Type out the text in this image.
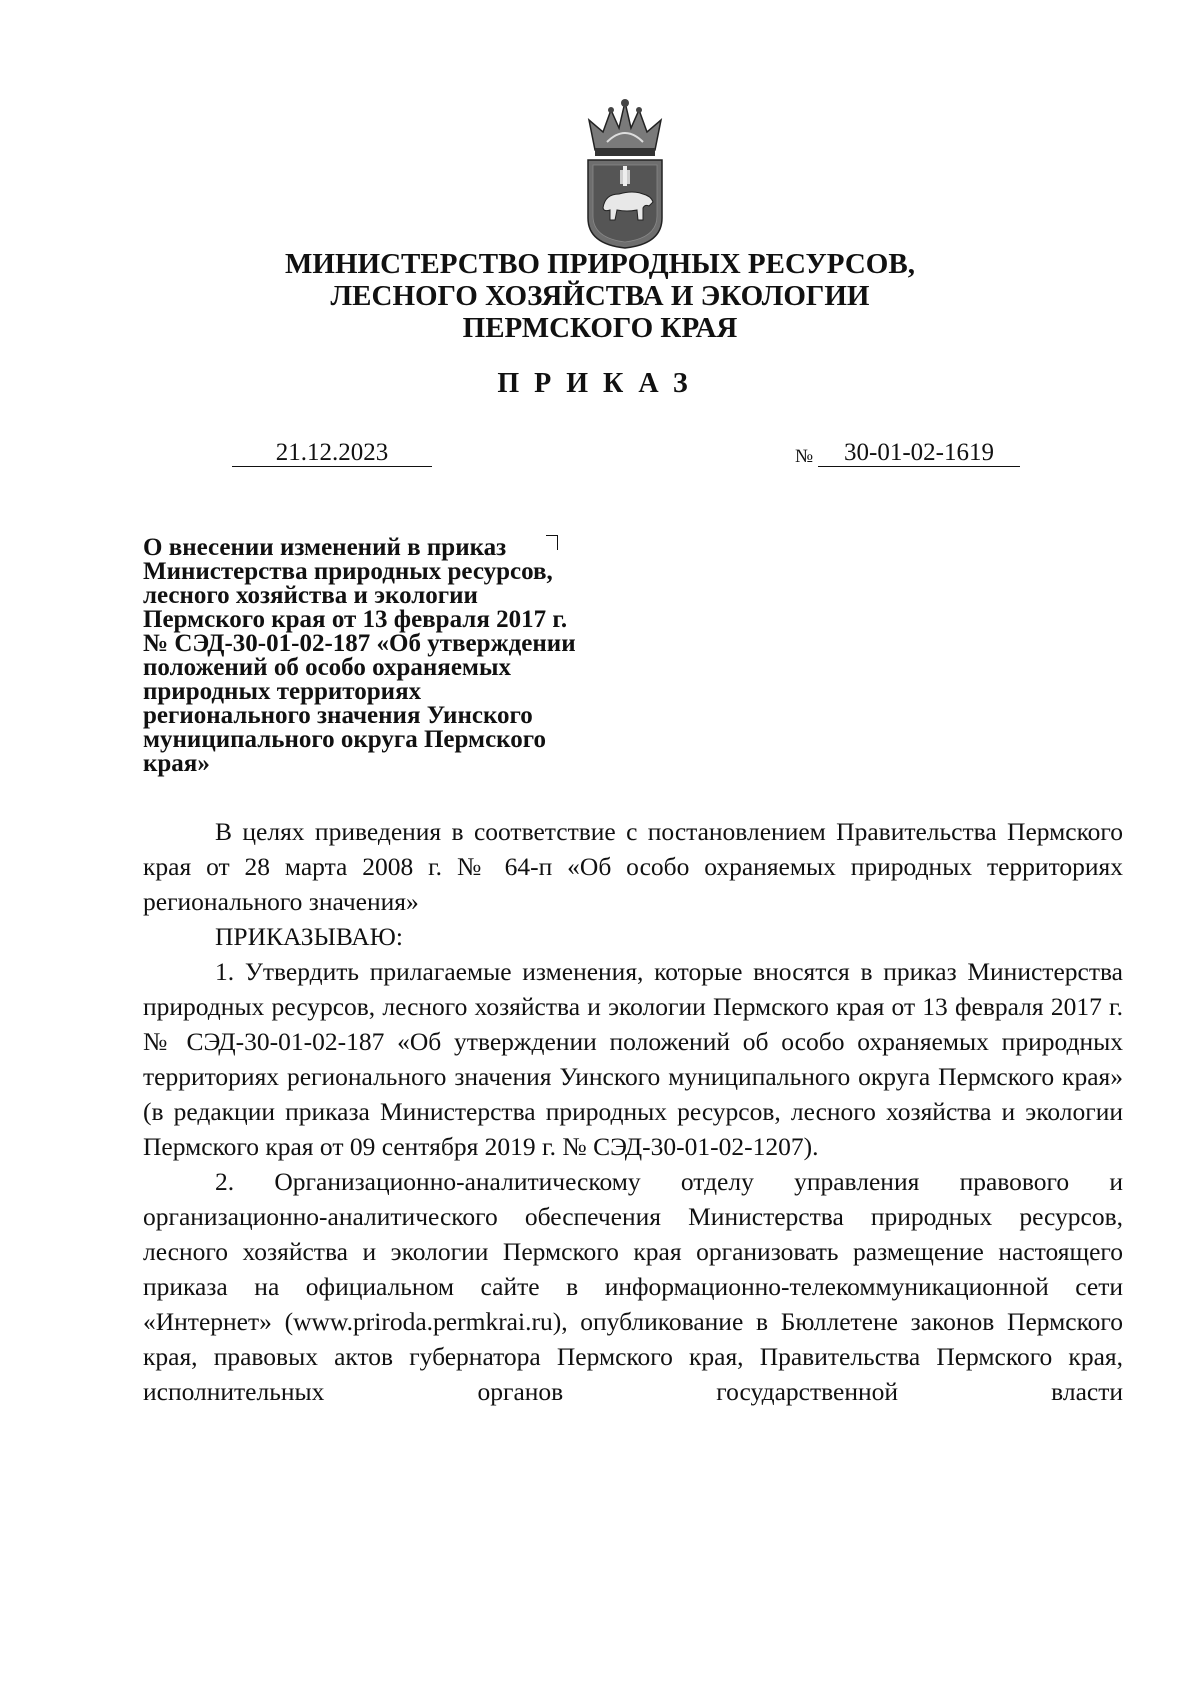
МИНИСТЕРСТВО ПРИРОДНЫХ РЕСУРСОВ,
ЛЕСНОГО ХОЗЯЙСТВА И ЭКОЛОГИИ
ПЕРМСКОГО КРАЯ
ПРИКАЗ
21.12.2023	№	30-01-02-1619
О внесении изменений в приказ
Министерства природных ресурсов,
лесного хозяйства и экологии
Пермского края от 13 февраля 2017 г.
№ СЭД-30-01-02-187 «Об утверждении
положений об особо охраняемых
природных территориях
регионального значения Уинского
муниципального округа Пермского
края»

В целях приведения в соответствие с постановлением Правительства Пермского края от 28 марта 2008 г. № 64-п «Об особо охраняемых природных территориях регионального значения»

ПРИКАЗЫВАЮ:

1. Утвердить прилагаемые изменения, которые вносятся в приказ Министерства природных ресурсов, лесного хозяйства и экологии Пермского края от 13 февраля 2017 г. № СЭД-30-01-02-187 «Об утверждении положений об особо охраняемых природных территориях регионального значения Уинского муниципального округа Пермского края» (в редакции приказа Министерства природных ресурсов, лесного хозяйства и экологии Пермского края от 09 сентября 2019 г. № СЭД-30-01-02-1207).

2. Организационно-аналитическому отделу управления правового и организационно-аналитического обеспечения Министерства природных ресурсов, лесного хозяйства и экологии Пермского края организовать размещение настоящего приказа на официальном сайте в информационно-телекоммуникационной сети «Интернет» (www.priroda.permkrai.ru), опубликование в Бюллетене законов Пермского края, правовых актов губернатора Пермского края, Правительства Пермского края, исполнительных органов государственной власти
